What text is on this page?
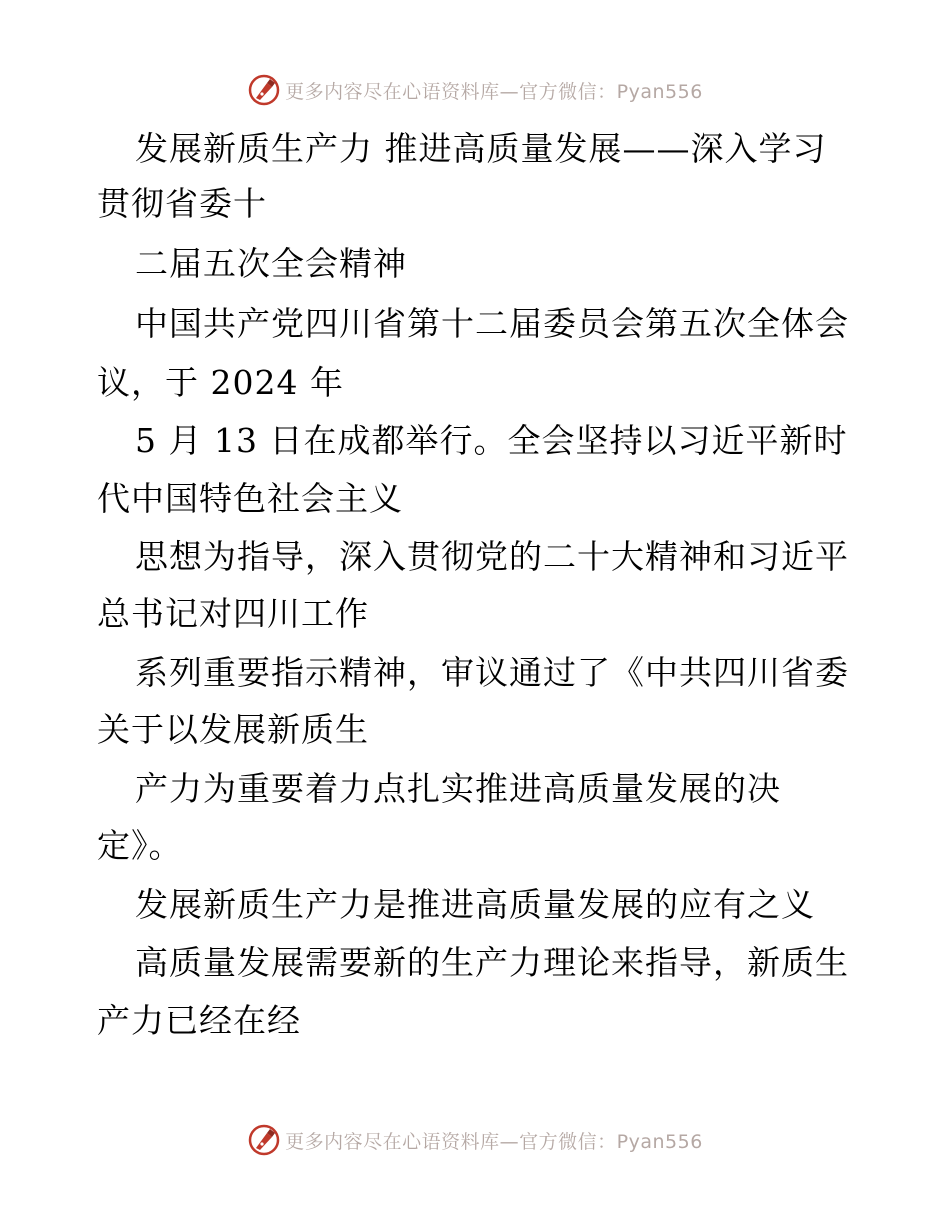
更多内容尽在心语资料库—官方微信：Pyan556
发展新质生产力 推进高质量发展——深入学习
贯彻省委十
二届五次全会精神
中国共产党四川省第十二届委员会第五次全体会
议，于 2024 年
5 月 13 日在成都举行。全会坚持以习近平新时
代中国特色社会主义
思想为指导，深入贯彻党的二十大精神和习近平
总书记对四川工作
系列重要指示精神，审议通过了《中共四川省委
关于以发展新质生
产力为重要着力点扎实推进高质量发展的决
定》。
发展新质生产力是推进高质量发展的应有之义
高质量发展需要新的生产力理论来指导，新质生
产力已经在经
更多内容尽在心语资料库—官方微信：Pyan556
